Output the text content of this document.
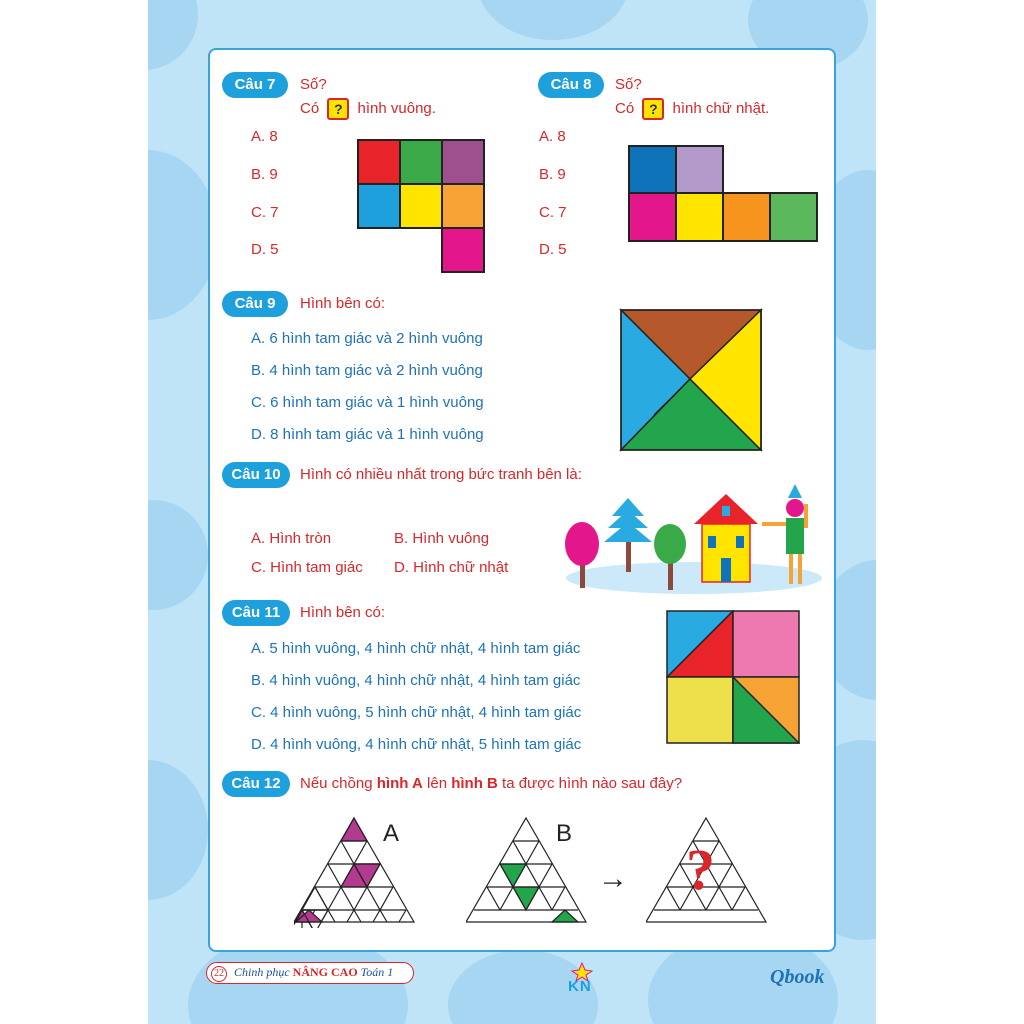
Câu 7	Số?
Có ? hình vuông.
A. 8
B. 9
C. 7
D. 5
Câu 8	Số?
Có ? hình chữ nhật.
A. 8
B. 9
C. 7
D. 5
Câu 9	Hình bên có:
A. 6 hình tam giác và 2 hình vuông
B. 4 hình tam giác và 2 hình vuông
C. 6 hình tam giác và 1 hình vuông
D. 8 hình tam giác và 1 hình vuông
Câu 10	Hình có nhiều nhất trong bức tranh bên là:
A. Hình tròn	B. Hình vuông
C. Hình tam giác D. Hình chữ nhật
Câu 11	Hình bên có:
A. 5 hình vuông, 4 hình chữ nhật, 4 hình tam giác
B. 4 hình vuông, 4 hình chữ nhật, 4 hình tam giác
C. 4 hình vuông, 5 hình chữ nhật, 4 hình tam giác
D. 4 hình vuông, 4 hình chữ nhật, 5 hình tam giác
Câu 12	Nếu chồng hình A lên hình B ta được hình nào sau đây?
A	B
→ ?
22 Chinh phục NÂNG CAO Toán 1
KN	Qbook
